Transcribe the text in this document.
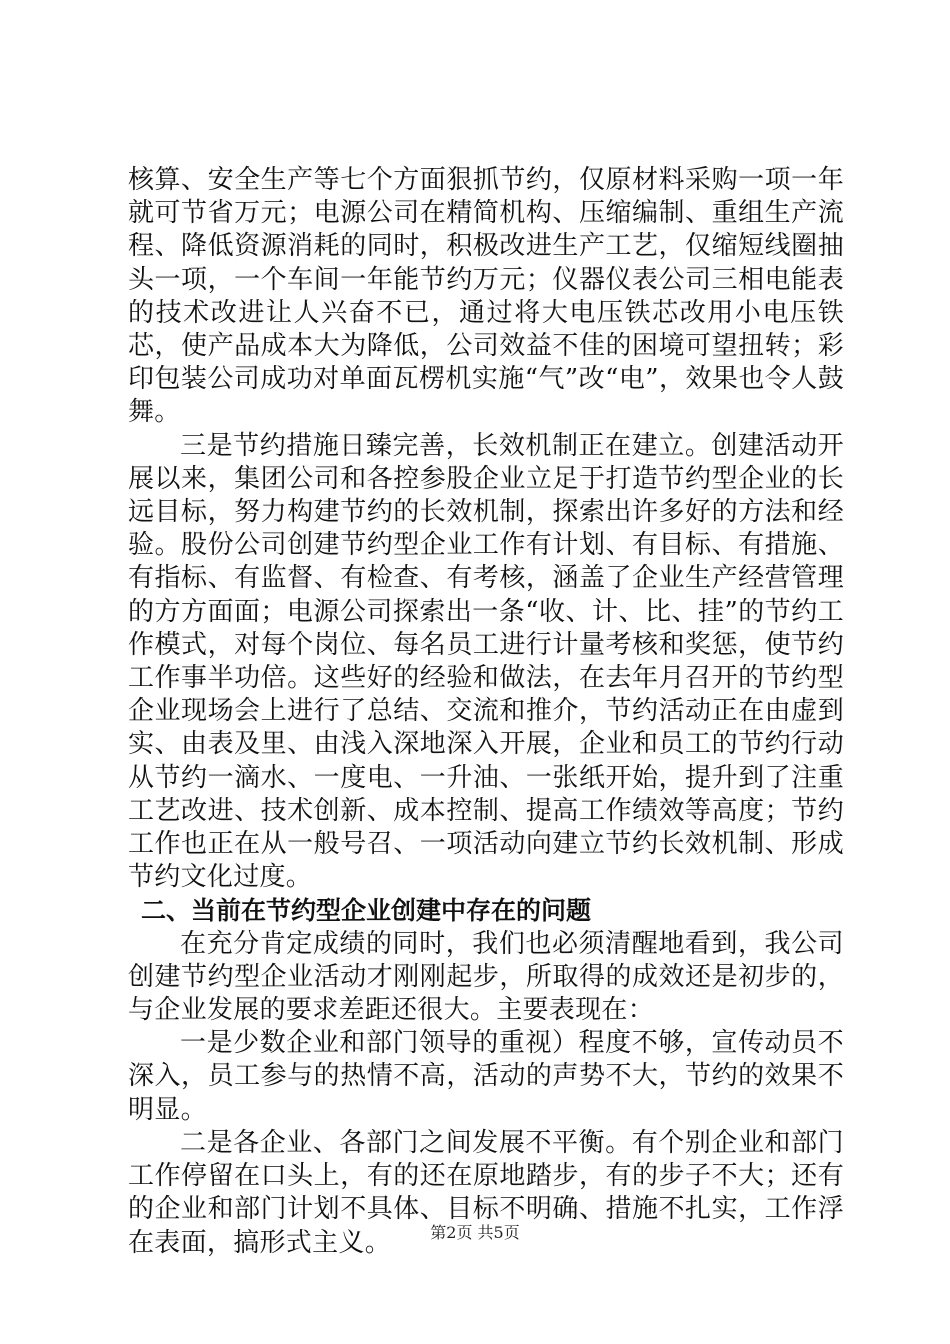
核算、安全生产等七个方面狠抓节约，仅原材料采购一项一年就可节省万元；电源公司在精简机构、压缩编制、重组生产流程、降低资源消耗的同时，积极改进生产工艺，仅缩短线圈抽头一项，一个车间一年能节约万元；仪器仪表公司三相电能表的技术改进让人兴奋不已，通过将大电压铁芯改用小电压铁芯，使产品成本大为降低，公司效益不佳的困境可望扭转；彩印包装公司成功对单面瓦楞机实施“气”改“电”，效果也令人鼓舞。

三是节约措施日臻完善，长效机制正在建立。创建活动开展以来，集团公司和各控参股企业立足于打造节约型企业的长远目标，努力构建节约的长效机制，探索出许多好的方法和经验。股份公司创建节约型企业工作有计划、有目标、有措施、有指标、有监督、有检查、有考核，涵盖了企业生产经营管理的方方面面；电源公司探索出一条“收、计、比、挂”的节约工作模式，对每个岗位、每名员工进行计量考核和奖惩，使节约工作事半功倍。这些好的经验和做法，在去年月召开的节约型企业现场会上进行了总结、交流和推介，节约活动正在由虚到实、由表及里、由浅入深地深入开展，企业和员工的节约行动从节约一滴水、一度电、一升油、一张纸开始，提升到了注重工艺改进、技术创新、成本控制、提高工作绩效等高度；节约工作也正在从一般号召、一项活动向建立节约长效机制、形成节约文化过度。

二、当前在节约型企业创建中存在的问题

在充分肯定成绩的同时，我们也必须清醒地看到，我公司创建节约型企业活动才刚刚起步，所取得的成效还是初步的，与企业发展的要求差距还很大。主要表现在：

一是少数企业和部门领导的重视）程度不够，宣传动员不深入，员工参与的热情不高，活动的声势不大，节约的效果不明显。

二是各企业、各部门之间发展不平衡。有个别企业和部门工作停留在口头上，有的还在原地踏步，有的步子不大；还有的企业和部门计划不具体、目标不明确、措施不扎实，工作浮在表面，搞形式主义。	第2页 共5页
